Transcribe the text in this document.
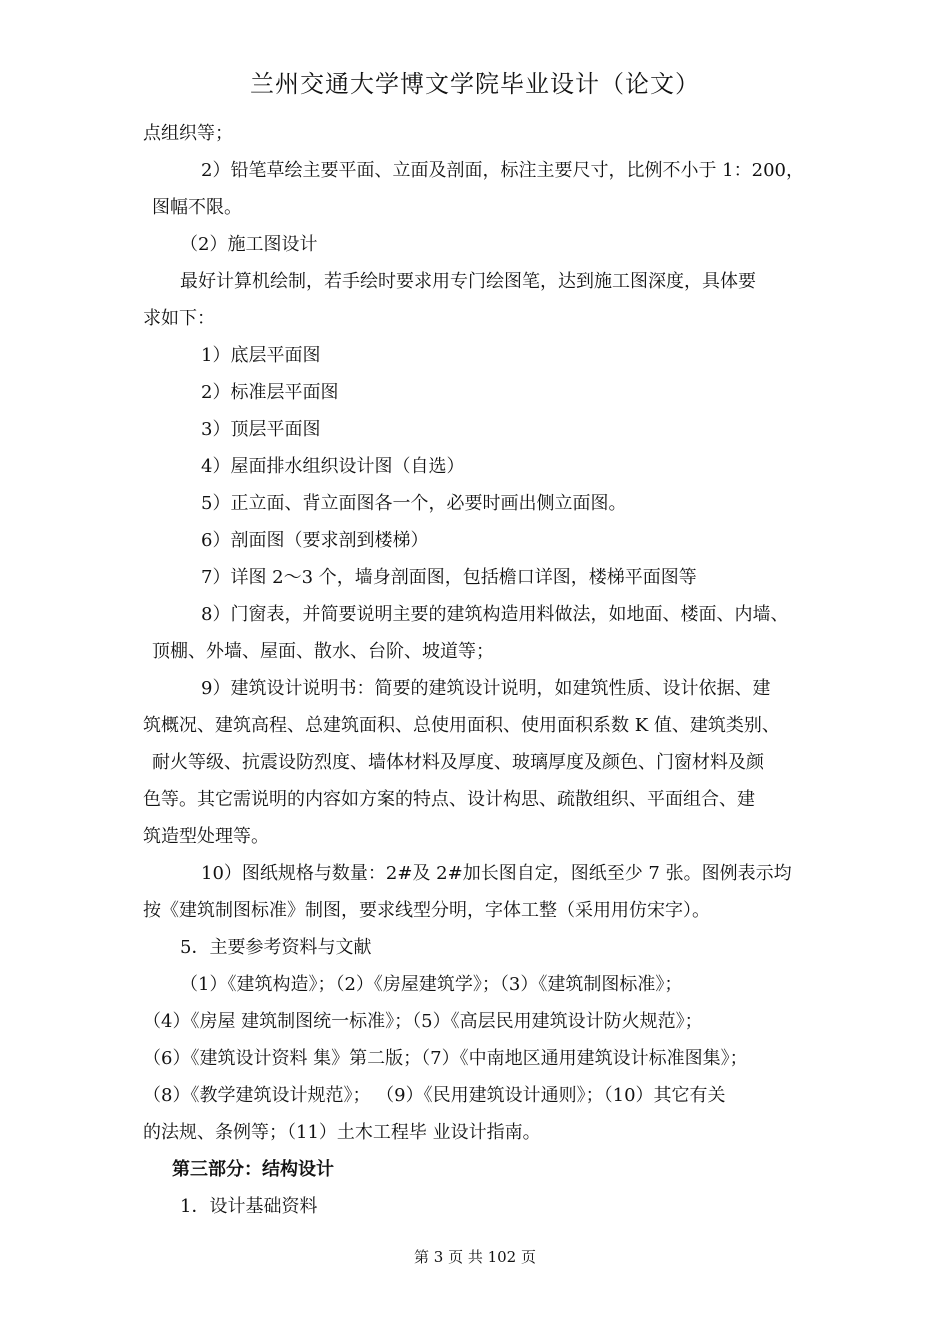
兰州交通大学博文学院毕业设计（论文）
点组织等；
2）铅笔草绘主要平面、立面及剖面，标注主要尺寸，比例不小于 1：200，
图幅不限。
（2）施工图设计
最好计算机绘制，若手绘时要求用专门绘图笔，达到施工图深度，具体要
求如下：
1）底层平面图
2）标准层平面图
3）顶层平面图
4）屋面排水组织设计图（自选）
5）正立面、背立面图各一个，必要时画出侧立面图。
6）剖面图（要求剖到楼梯）
7）详图 2～3 个，墙身剖面图，包括檐口详图，楼梯平面图等
8）门窗表，并简要说明主要的建筑构造用料做法，如地面、楼面、内墙、
顶棚、外墙、屋面、散水、台阶、坡道等；
9）建筑设计说明书：简要的建筑设计说明，如建筑性质、设计依据、建
筑概况、建筑高程、总建筑面积、总使用面积、使用面积系数 K 值、建筑类别、
耐火等级、抗震设防烈度、墙体材料及厚度、玻璃厚度及颜色、门窗材料及颜
色等。其它需说明的内容如方案的特点、设计构思、疏散组织、平面组合、建
筑造型处理等。
10）图纸规格与数量：2#及 2#加长图自定，图纸至少 7 张。图例表示均
按《建筑制图标准》制图，要求线型分明，字体工整（采用用仿宋字）。
5．主要参考资料与文献
（1）《建筑构造》；（2）《房屋建筑学》；（3）《建筑制图标准》；
（4）《房屋 建筑制图统一标准》；（5）《高层民用建筑设计防火规范》；
（6）《建筑设计资料 集》第二版；（7）《中南地区通用建筑设计标准图集》；
（8）《教学建筑设计规范》； （9）《民用建筑设计通则》；（10）其它有关
的法规、条例等；（11）土木工程毕 业设计指南。
第三部分：结构设计
1．设计基础资料
第 3 页 共 102 页
